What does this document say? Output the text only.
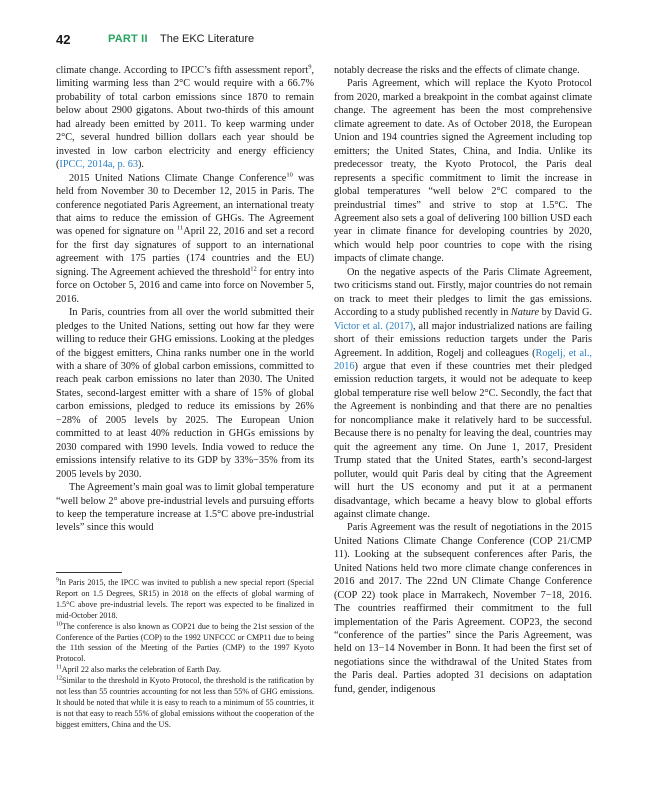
42	PART II The EKC Literature

climate change. According to IPCC’s fifth assessment report$^9$, limiting warming less than 2°C would require with a 66.7% probability of total carbon emissions since 1870 to remain below about 2900 gigatons. About two-thirds of this amount had already been emitted by 2011. To keep warming under 2°C, several hundred billion dollars each year should be invested in low carbon electricity and energy efficiency (IPCC, 2014a, p. 63).

2015 United Nations Climate Change Conference$^{10}$ was held from November 30 to December 12, 2015 in Paris. The conference negotiated Paris Agreement, an international treaty that aims to reduce the emission of GHGs. The Agreement was opened for signature on $^{11}$April 22, 2016 and set a record for the first day signatures of support to an international agreement with 175 parties (174 countries and the EU) signing. The Agreement achieved the threshold$^{12}$ for entry into force on October 5, 2016 and came into force on November 5, 2016.

In Paris, countries from all over the world submitted their pledges to the United Nations, setting out how far they were willing to reduce their GHG emissions. Looking at the pledges of the biggest emitters, China ranks number one in the world with a share of 30% of global carbon emissions, committed to reach peak carbon emissions no later than 2030. The United States, second-largest emitter with a share of 15% of global carbon emissions, pledged to reduce its emissions by 26% −28% of 2005 levels by 2025. The European Union committed to at least 40% reduction in GHGs emissions by 2030 compared with 1990 levels. India vowed to reduce the emissions intensify relative to its GDP by 33%−35% from its 2005 levels by 2030.

The Agreement’s main goal was to limit global temperature “well below 2° above pre-industrial levels and pursuing efforts to keep the temperature increase at 1.5°C above pre-industrial levels” since this would

notably decrease the risks and the effects of climate change.

Paris Agreement, which will replace the Kyoto Protocol from 2020, marked a breakpoint in the combat against climate change. The agreement has been the most comprehensive climate agreement to date. As of October 2018, the European Union and 194 countries signed the Agreement including top emitters; the United States, China, and India. Unlike its predecessor treaty, the Kyoto Protocol, the Paris deal represents a specific commitment to limit the increase in global temperatures “well below 2°C compared to the preindustrial times” and strive to stop at 1.5°C. The Agreement also sets a goal of delivering 100 billion USD each year in climate finance for developing countries by 2020, which would help poor countries to cope with the rising impacts of climate change.

On the negative aspects of the Paris Climate Agreement, two criticisms stand out. Firstly, major countries do not remain on track to meet their pledges to limit the gas emissions. According to a study published recently in Nature by David G. Victor et al. (2017), all major industrialized nations are failing short of their emissions reduction targets under the Paris Agreement. In addition, Rogelj and colleagues (Rogelj, et al., 2016) argue that even if these countries met their pledged emission reduction targets, it would not be adequate to keep global temperature rise well below 2°C. Secondly, the fact that the Agreement is nonbinding and that there are no penalties for noncompliance make it relatively hard to be successful. Because there is no penalty for leaving the deal, countries may quit the agreement any time. On June 1, 2017, President Trump stated that the United States, earth’s second-largest polluter, would quit Paris deal by citing that the Agreement will hurt the US economy and put it at a permanent disadvantage, which became a heavy blow to global efforts against climate change.

Paris Agreement was the result of negotiations in the 2015 United Nations Climate Change Conference (COP 21/CMP 11). Looking at the subsequent conferences after Paris, the United Nations held two more climate change conferences in 2016 and 2017. The 22nd UN Climate Change Conference (COP 22) took place in Marrakech, November 7−18, 2016. The countries reaffirmed their commitment to the full implementation of the Paris Agreement. COP23, the second “conference of the parties” since the Paris Agreement, was held on 13−14 November in Bonn. It had been the first set of negotiations since the withdrawal of the United States from the Paris deal. Parties adopted 31 decisions on adaptation fund, gender, indigenous

$^9$In Paris 2015, the IPCC was invited to publish a new special report (Special Report on 1.5 Degrees, SR15) in 2018 on the effects of global warming of 1.5°C above pre-industrial levels. The report was expected to be finalized in mid-October 2018.

$^{10}$The conference is also known as COP21 due to being the 21st session of the Conference of the Parties (COP) to the 1992 UNFCCC or CMP11 due to being the 11th session of the Meeting of the Parties (CMP) to the 1997 Kyoto Protocol.

$^{11}$April 22 also marks the celebration of Earth Day.

$^{12}$Similar to the threshold in Kyoto Protocol, the threshold is the ratification by not less than 55 countries accounting for not less than 55% of GHG emissions. It should be noted that while it is easy to reach to a minimum of 55 countries, it is not that easy to reach 55% of global emissions without the cooperation of the biggest emitters, China and the US.
